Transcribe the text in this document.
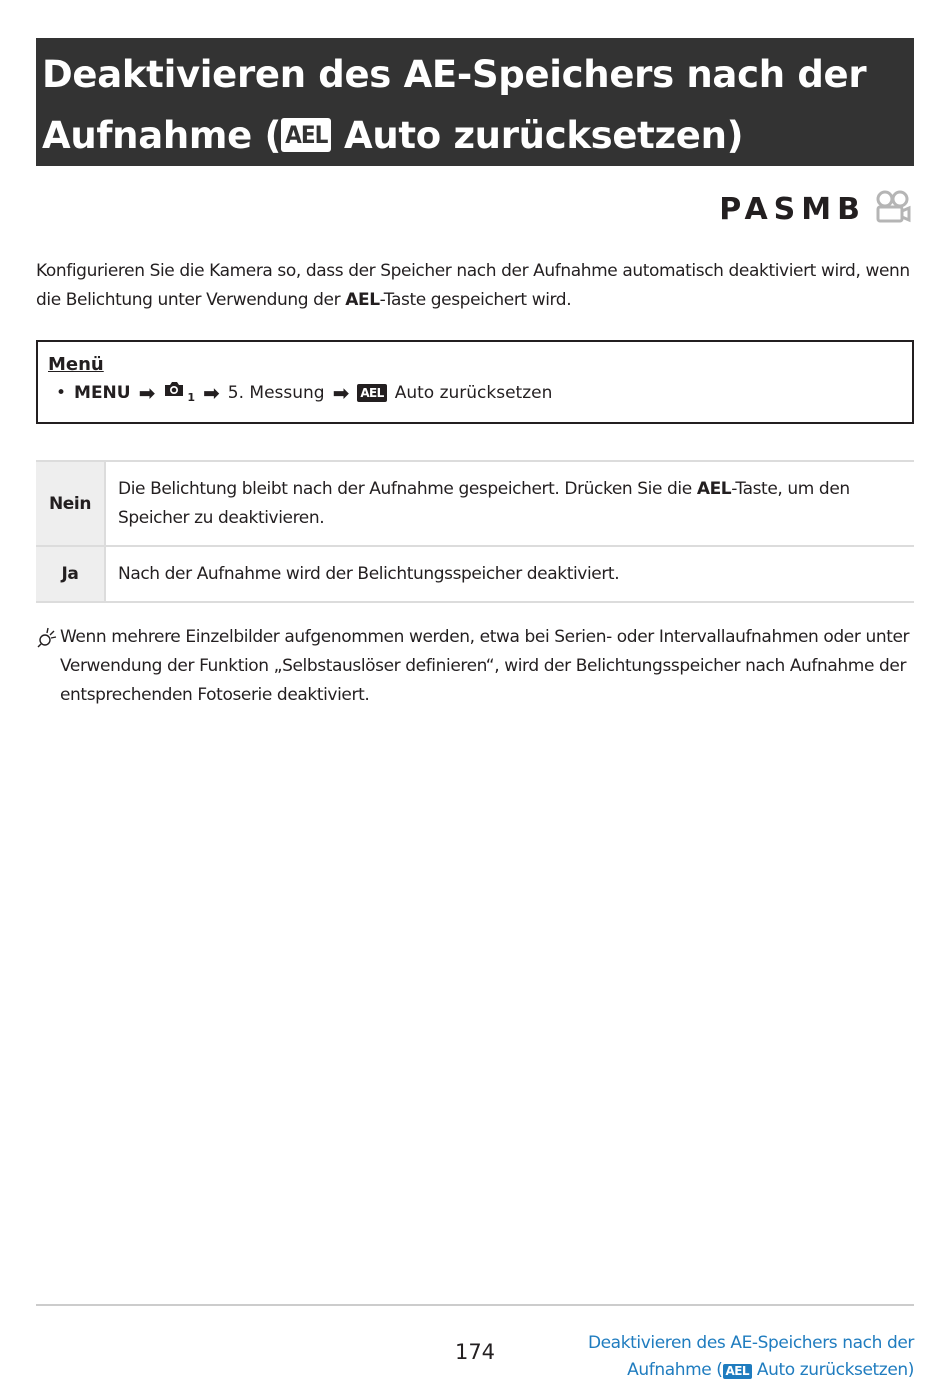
Deaktivieren des AE-Speichers nach der
Aufnahme ( AEL Auto zurücksetzen)
PASMB
Konfigurieren Sie die Kamera so, dass der Speicher nach der Aufnahme automatisch deaktiviert wird, wenn die Belichtung unter Verwendung der AEL-Taste gespeichert wird.
Menü
• MENU ➡	1 ➡ 5. Messung ➡ AEL Auto zurücksetzen
Nein	Die Belichtung bleibt nach der Aufnahme gespeichert. Drücken Sie die AEL-Taste, um den Speicher zu deaktivieren.
Ja	Nach der Aufnahme wird der Belichtungsspeicher deaktiviert.
Wenn mehrere Einzelbilder aufgenommen werden, etwa bei Serien- oder Intervallaufnahmen oder unter Verwendung der Funktion „Selbstauslöser definieren“, wird der Belichtungsspeicher nach Aufnahme der entsprechenden Fotoserie deaktiviert.
174	Deaktivieren des AE-Speichers nach der
Aufnahme ( AEL Auto zurücksetzen)
